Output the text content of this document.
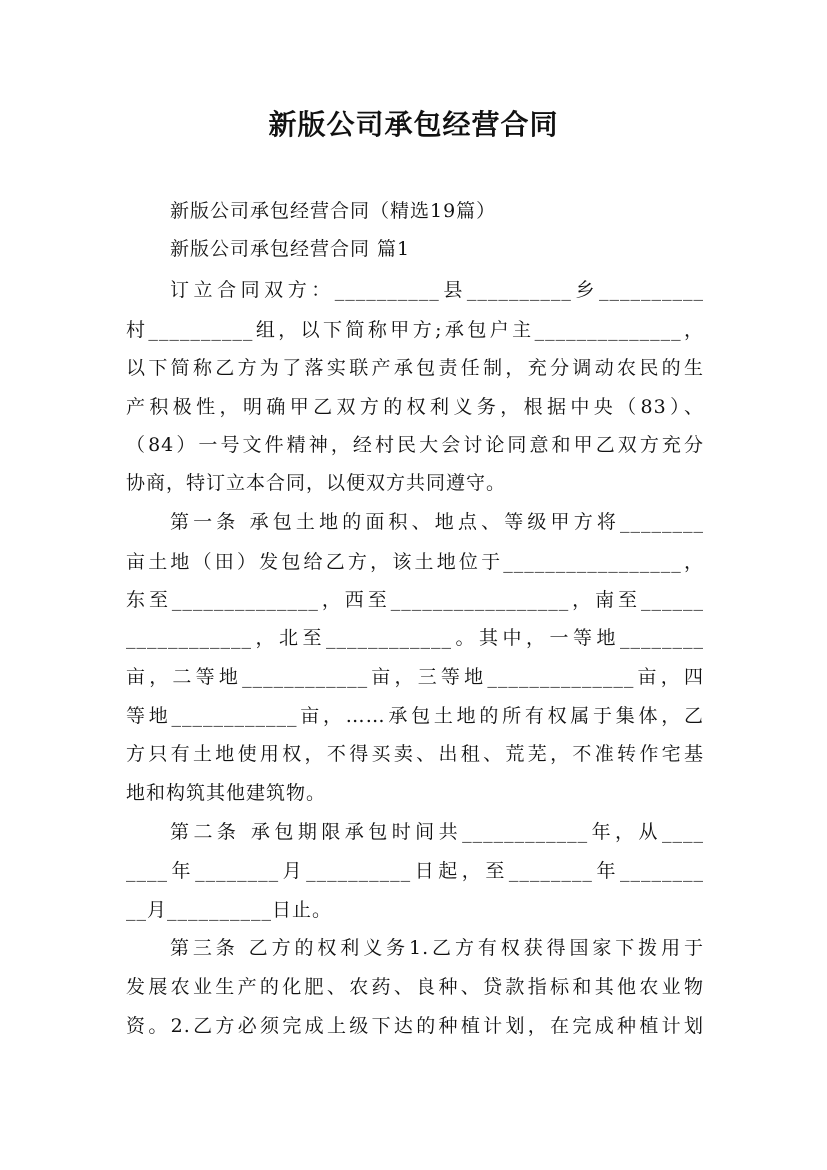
新版公司承包经营合同
新版公司承包经营合同（精选19篇）
新版公司承包经营合同 篇1
订立合同双方：__________县__________乡__________
村__________组，以下简称甲方;承包户主______________，
以下简称乙方为了落实联产承包责任制，充分调动农民的生
产积极性，明确甲乙双方的权利义务，根据中央（83）、
（84）一号文件精神，经村民大会讨论同意和甲乙双方充分
协商，特订立本合同，以便双方共同遵守。
第一条 承包土地的面积、地点、等级甲方将________
亩土地（田）发包给乙方，该土地位于_________________，
东至______________，西至_________________，南至______
____________，北至____________。其中，一等地________
亩，二等地____________亩，三等地______________亩，四
等地____________亩，……承包土地的所有权属于集体，乙
方只有土地使用权，不得买卖、出租、荒芜，不准转作宅基
地和构筑其他建筑物。
第二条 承包期限承包时间共____________年，从____
____年________月__________日起，至________年________
__月__________日止。
第三条 乙方的权利义务1.乙方有权获得国家下拨用于
发展农业生产的化肥、农药、良种、贷款指标和其他农业物
资。2.乙方必须完成上级下达的种植计划，在完成种植计划
